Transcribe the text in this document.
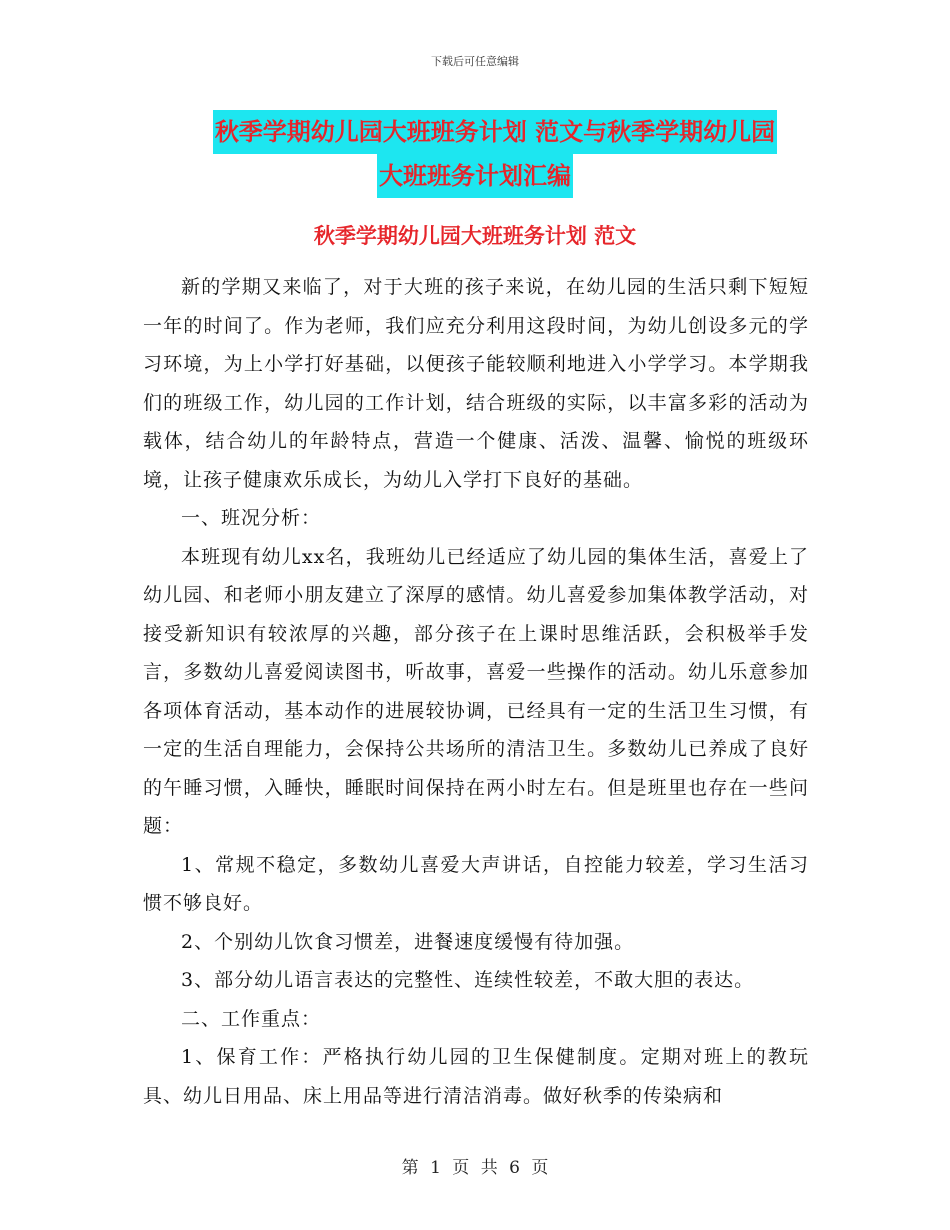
下载后可任意编辑
秋季学期幼儿园大班班务计划 范文与秋季学期幼儿园
大班班务计划汇编
秋季学期幼儿园大班班务计划 范文

新的学期又来临了，对于大班的孩子来说，在幼儿园的生活只剩下短短一年的时间了。作为老师，我们应充分利用这段时间，为幼儿创设多元的学习环境，为上小学打好基础，以便孩子能较顺利地进入小学学习。本学期我们的班级工作，幼儿园的工作计划，结合班级的实际，以丰富多彩的活动为载体，结合幼儿的年龄特点，营造一个健康、活泼、温馨、愉悦的班级环境，让孩子健康欢乐成长，为幼儿入学打下良好的基础。

一、班况分析：

本班现有幼儿xx名，我班幼儿已经适应了幼儿园的集体生活，喜爱上了幼儿园、和老师小朋友建立了深厚的感情。幼儿喜爱参加集体教学活动，对接受新知识有较浓厚的兴趣，部分孩子在上课时思维活跃，会积极举手发言，多数幼儿喜爱阅读图书，听故事，喜爱一些操作的活动。幼儿乐意参加各项体育活动，基本动作的进展较协调，已经具有一定的生活卫生习惯，有一定的生活自理能力，会保持公共场所的清洁卫生。多数幼儿已养成了良好的午睡习惯，入睡快，睡眠时间保持在两小时左右。但是班里也存在一些问题：

1、常规不稳定，多数幼儿喜爱大声讲话，自控能力较差，学习生活习惯不够良好。

2、个别幼儿饮食习惯差，进餐速度缓慢有待加强。

3、部分幼儿语言表达的完整性、连续性较差，不敢大胆的表达。

二、工作重点：

1、保育工作：严格执行幼儿园的卫生保健制度。定期对班上的教玩具、幼儿日用品、床上用品等进行清洁消毒。做好秋季的传染病和

第 1 页 共 6 页
